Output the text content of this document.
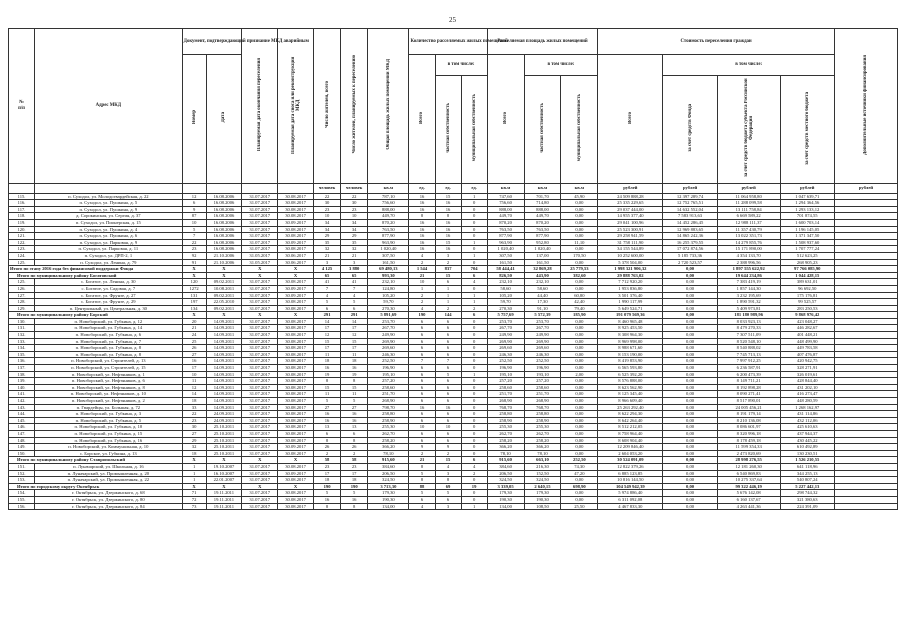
25
№
п/п	Адрес МКД	Документ, подтверждающий признание МКД аварийным		Планируемая дата окончания переселения	Планируемая дата сноса или реконструкции МКД	Число жителей, всего	Число жителей, планируемых к переселению	Общая площадь жилых помещений МКД	Количество расселяемых жилых помещений			Расселяемая площадь жилых помещений			Стоимость переселения граждан				Дополнительные источники финансирования
		Номер	Дата						Всего	в том числе:		Всего	в том числе:		Всего	в том числе:			
										частная собственность	муниципальная собственность		частная собственность	муниципальная собственность		за счет средств Фонда	за счет средств бюджета субъекта Российской Федерации	за счет средств местного бюджета	
						человек	человек	кв.м	ед.	ед.	ед.	кв.м	кв.м	кв.м	рублей	рублей	рублей	рублей	рублей
115.	п. Суходол, ул. Молодогвардейская, д. 22	12	16.08.2006	31.07.2017	30.08.2017	22	22	787,10	16	15	1	747,60	701,70	45,90	24 509 888,28	12 397 289,74	11 064 958,80	1 047 639,71	
116.	п. Суходол, ул. Пушкина, д. 5	6	16.08.2006	31.07.2017	30.08.2017	30	30	756,60	16	16	0	756,60	714,80	0,00	25 335 229,65	12 752 765,51	11 288 099,58	1 294 364,56	
117.	п. Суходол, ул. Пушкина, д. 9	9	16.08.2006	31.07.2017	30.08.2017	23	23	888,00	16	16	0	888,00	888,00	0,00	29 037 444,00	14 632 552,04	13 111 758,84	1 293 133,12	
118.	д. Сорокинская, ул. Сергия, д. 37	87	16.08.2006	31.07.2017	30.08.2017	10	10	449,70	8	8	0	449,70	449,70	0,00	14 955 377,40	7 583 913,63	6 669 589,22	701 874,55	
119.	п. Суходол, ул. Пионерская, д. 15	10	16.08.2006	31.07.2017	30.09.2017	34	34	870,20	16	16	0	870,20	870,20	0,00	29 041 100,96	14 452 286,45	12 988 111,37	1 600 703,14	
120.	п. Суходол, ул. Пушкина, д. 4	5	16.08.2006	31.07.2017	30.08.2017	34	34	763,50	16	16	0	763,50	763,50	0,00	25 523 300,91	12 969 883,65	11 357 430,79	1 196 145,05	
121.	п. Суходол, ул. Пушкина, д. 6	7	16.08.2006	31.07.2017	30.08.2017	29	29	877,90	16	16	0	877,90	877,90	0,00	29 258 941,59	14 865 242,36	13 022 351,73	1 371 347,50	
122.	п. Суходол, ул. Парковая, д. 9	22	16.08.2006	31.07.2017	30.09.2017	35	35	963,90	16	15	1	963,90	952,80	11,10	31 758 111,90	16 255 379,55	14 279 855,76	1 508 937,60	
123.	п. Суходол, ул. Парковая, д. 11	23	16.08.2006	31.07.2017	30.08.2017	32	32	1 020,40	16	16	0	1 020,40	1 020,40	0,00	34 155 544,89	17 072 874,56	15 171 890,00	1 707 777,24	
124.	п. Суходол, ул. ДРП-2, 1	92	21.10.2006	31.05.2017	30.06.2017	21	21	307,50	4	3	1	307,50	137,00	170,50	10 252 600,00	5 185 733,36	4 354 133,70	512 623,25	
125.	п. Суходол, ул. Ленина, д. 79	91	21.10.2006	31.05.2017	30.06.2017	3	3	161,50	2	2	0	161,50	161,50	0,00	5 378 504,00	2 720 523,57	2 388 996,56	268 905,23	
Итого по этапу 2016 года без финансовой поддержки Фонда		X	X	X	X	4 125	3 880	69 480,13	1 544	837	704	58 444,41	32 869,28	25 779,53	1 998 321 906,32	0,00	1 897 555 622,92	97 766 085,90	
Итого по муниципальному району Богатовский		X	X	X	X	65	65	993,30	21	15	6	826,50	443,90	382,60	29 888 763,02	0,00	19 644 234,86	1 044 428,15	
125.	с. Богатое, ул. Ленина, д. 30	120	09.02.2011	31.07.2017	30.08.2017	41	41	232,10	10	6	4	232,10	232,10	0,00	7 712 920,20	0,00	7 383 419,19	389 631,01	
126.	с. Богатое, ул. Садовая, д. 7	1272	10.08.2011	31.07.2017	30.09.2017	7	7	124,80	1	1	0	58,60	58,60	0,00	1 953 836,80	0,00	1 857 144,30	96 692,50	
127.	с. Богатое, ул. Фрунзе, д. 27	131	09.02.2011	31.07.2017	30.09.2017	4	4	105,20	2	1	1	105,20	44,40	60,80	3 501 376,40	0,00	3 232 195,69	175 176,81	
128.	с. Богатое, ул. Фрунзе, д. 29	197	22.05.2010	31.07.2017	30.08.2017	5	5	59,70	2	1	1	59,70	17,30	42,40	1 990 117,99	0,00	1 890 591,32	99 525,57	
129.	п. Центральный, ул. Центральная, д. 30	134	09.02.2011	31.07.2017	30.08.2017	6	6	270,30	4	2	2	270,30	91,10	79,40	5 649 524,71	0,00	5 409 973,81	283 250,53	
Итого по муниципальному району Борский		X	X	X	X	291	291	5 891,69	190	144	6	5 757,69	5 572,39	185,90	191 079 569,36	0,00	181 180 989,96	9 868 976,42	
130.	п. Новоборский, ул. Губкина, д. 12	20	14.09.2011	31.07.2017	30.08.2017	14	14	253,70	6	6	0	253,70	253,70	0,00	8 460 965,48	0,00	8 033 923,13	423 048,27	
131.	п. Новоборский, ул. Губкина, д. 14	21	14.09.2011	31.07.2017	30.08.2017	17	17	267,70	6	6	0	267,70	267,70	0,00	8 925 453,50	0,00	8 479 270,33	446 282,67	
132.	п. Новоборский, ул. Губкина, д. 6	24	14.09.2011	31.07.2017	30.08.2017	12	12	249,90	6	6	0	249,90	249,90	0,00	8 308 964,30	0,00	7 307 511,09	401 448,21	
133.	п. Новоборский, ул. Губкина, д. 7	25	14.09.2011	31.07.2017	30.08.2017	15	15	269,90	6	6	0	269,90	269,90	0,00	8 969 998,00	0,00	8 520 548,10	448 499,90	
134.	п. Новоборский, ул. Губкина, д. 8	26	14.09.2011	31.07.2017	30.08.2017	17	17	269,60	6	6	0	269,60	269,60	0,00	8 988 671,60	0,00	8 540 888,02	449 783,58	
135.	п. Новоборский, ул. Губкина, д. 8	27	14.09.2011	31.07.2017	30.08.2017	11	11	246,30	6	6	0	246,30	246,30	0,00	8 153 190,00	0,00	7 745 713,13	407 476,87	
136.	п. Новоборский, ул. Строителей, д. 13	16	14.09.2011	31.07.2017	30.08.2017	18	18	252,50	7	7	0	252,50	252,50	0,00	8 419 853,90	0,00	7 997 912,25	420 942,75	
137.	п. Новоборский, ул. Строителей, д. 15	17	14.09.2011	31.07.2017	30.08.2017	16	16	196,90	6	6	0	196,90	196,90	0,00	6 565 593,80	0,00	6 236 587,91	328 271,91	
138.	п. Новоборский, ул. Нефтяников, д. 1	10	14.09.2011	31.07.2017	30.08.2017	19	19	195,10	6	5	1	195,10	193,10	2,00	6 525 392,20	0,00	6 200 473,39	326 019,61	
139.	п. Новоборский, ул. Нефтяников, д. 6	11	14.09.2011	31.07.2017	30.08.2017	8	8	257,20	6	6	0	257,20	257,20	0,00	8 576 888,00	0,00	8 149 711,21	428 844,40	
140.	п. Новоборский, ул. Нефтяников, д. 8	12	14.09.2011	31.07.2017	30.08.2017	15	15	258,60	6	6	0	258,60	258,60	0,00	8 623 562,90	0,00	8 192 898,28	431 202,10	
141.	п. Новоборский, ул. Нефтяников, д. 10	14	14.09.2011	31.07.2017	30.08.2017	11	11	251,70	6	6	0	251,70	251,70	0,00	8 125 345,40	0,00	8 090 271,41	416 273,47	
142.	п. Новоборский, ул. Нефтяников, д. 2	18	14.09.2011	31.07.2017	30.08.2017	5	5	268,90	6	6	0	268,90	268,90	0,00	8 966 609,40	0,00	8 517 890,01	448 280,59	
143.	п. Гвардейцы, ул. Большая, д. 72	33	14.09.2011	31.07.2017	30.08.2017	27	27	798,70	16	16	0	768,70	768,70	0,00	25 263 292,40	0,00	24 005 456,21	1 268 162,97	
144.	п. Новоборский, ул. Губкина, д. 3	22	24.09.2011	31.07.2017	30.08.2017	16	16	258,80	6	6	0	258,80	258,80	0,00	8 622 294,30	0,00	8 191 179,14	431 114,86	
145.	п. Новоборский, ул. Губкина, д. 5	23	24.09.2011	31.07.2017	30.08.2017	16	16	258,90	6	6	0	258,90	258,90	0,00	8 642 264,40	0,00	8 210 136,08	432 112,06	
146.	п. Новоборский, ул. Губкина, д. 10	30	25.10.2011	31.07.2017	30.08.2017	13	13	255,30	10	10	0	255,30	255,30	0,00	8 512 212,05	0,00	8 086 601,97	425 610,63	
147.	п. Новоборский, ул. Губкина, д. 15	27	25.10.2011	31.07.2017	30.08.2017	6	6	262,70	6	6	0	262,70	262,70	0,00	8 758 964,40	0,00	8 320 996,18	437 944,37	
148.	п. Новоборский, ул. Губкина, д. 16	29	25.10.2011	31.07.2017	30.08.2017	8	8	258,20	6	6	0	258,20	258,20	0,00	8 608 904,40	0,00	8 178 459,18	430 445,22	
149.	п. Новоборский, ул. Коммунальная, д. 10	32	25.10.2011	31.07.2017	30.09.2017	26	26	366,20	9	9	0	366,20	366,20	0,00	12 209 846,40	0,00	11 599 354,33	610 492,89	
150.	с. Борское, ул. Губкина, д. 13	18	25.10.2011	31.07.2017	30.08.2017	2	2	78,10	2	2	0	78,10	78,10	0,00	2 604 053,20	0,00	2 473 820,69	130 230,51	
Итого по муниципальному району Ставропольский		X	X	X	X	58	58	915,60	21	15	6	915,60	663,10	252,50	30 524 091,09	0,00	28 998 276,55	1 526 210,55	
151.	п. Луначарский, ул. Школьная, д. 16	1	19.10.2007	31.07.2017	30.08.2017	23	23	384,60	8	4	4	384,60	216,30	74,30	12 822 379,26	0,00	12 181 260,30	641 118,96	
152.	п. Луначарский, ул. Промышленная, д. 20	1	16.10.2007	31.07.2017	30.09.2017	17	17	206,50	5	3	2	206,50	152,50	47,20	6 885 123,85	0,00	6 540 869,83	344 255,13	
153.	п. Луначарский, ул. Промышленная, д. 22	1	22.01.2007	31.07.2017	30.08.2017	18	18	324,50	8	8	0	324,50	324,50	0,00	10 816 144,50	0,00	10 275 337,64	540 807,24	
Итого по городскому округу Октябрьск		X	X	X	X	190	190	3 713,30	88	69	19	3 339,05	2 640,15	698,90	104 549 942,39	0,00	99 322 446,19	5 227 442,13	
154.	г. Октябрьск, ул. Дзержинского, д. 68	71	19.11.2011	31.07.2017	30.08.2017	5	5	179,30	5	5	0	179,30	179,30	0,00	5 974 886,40	0,00	5 676 142,08	298 744,32	
155.	г. Октябрьск, ул. Дзержинского, д. 80	72	19.11.2011	31.07.2017	30.08.2017	16	16	190,30	6	6	0	190,30	190,30	0,00	6 311 092,08	0,00	6 160 137,67	321 380,63	
156.	г. Октябрьск, ул. Дзержинского, д. 84	73	19.11.2011	31.07.2017	30.08.2017	8	8	134,00	4	3	1	134,00	108,50	25,50	4 467 833,30	0,00	4 263 441,36	224 391,09	
